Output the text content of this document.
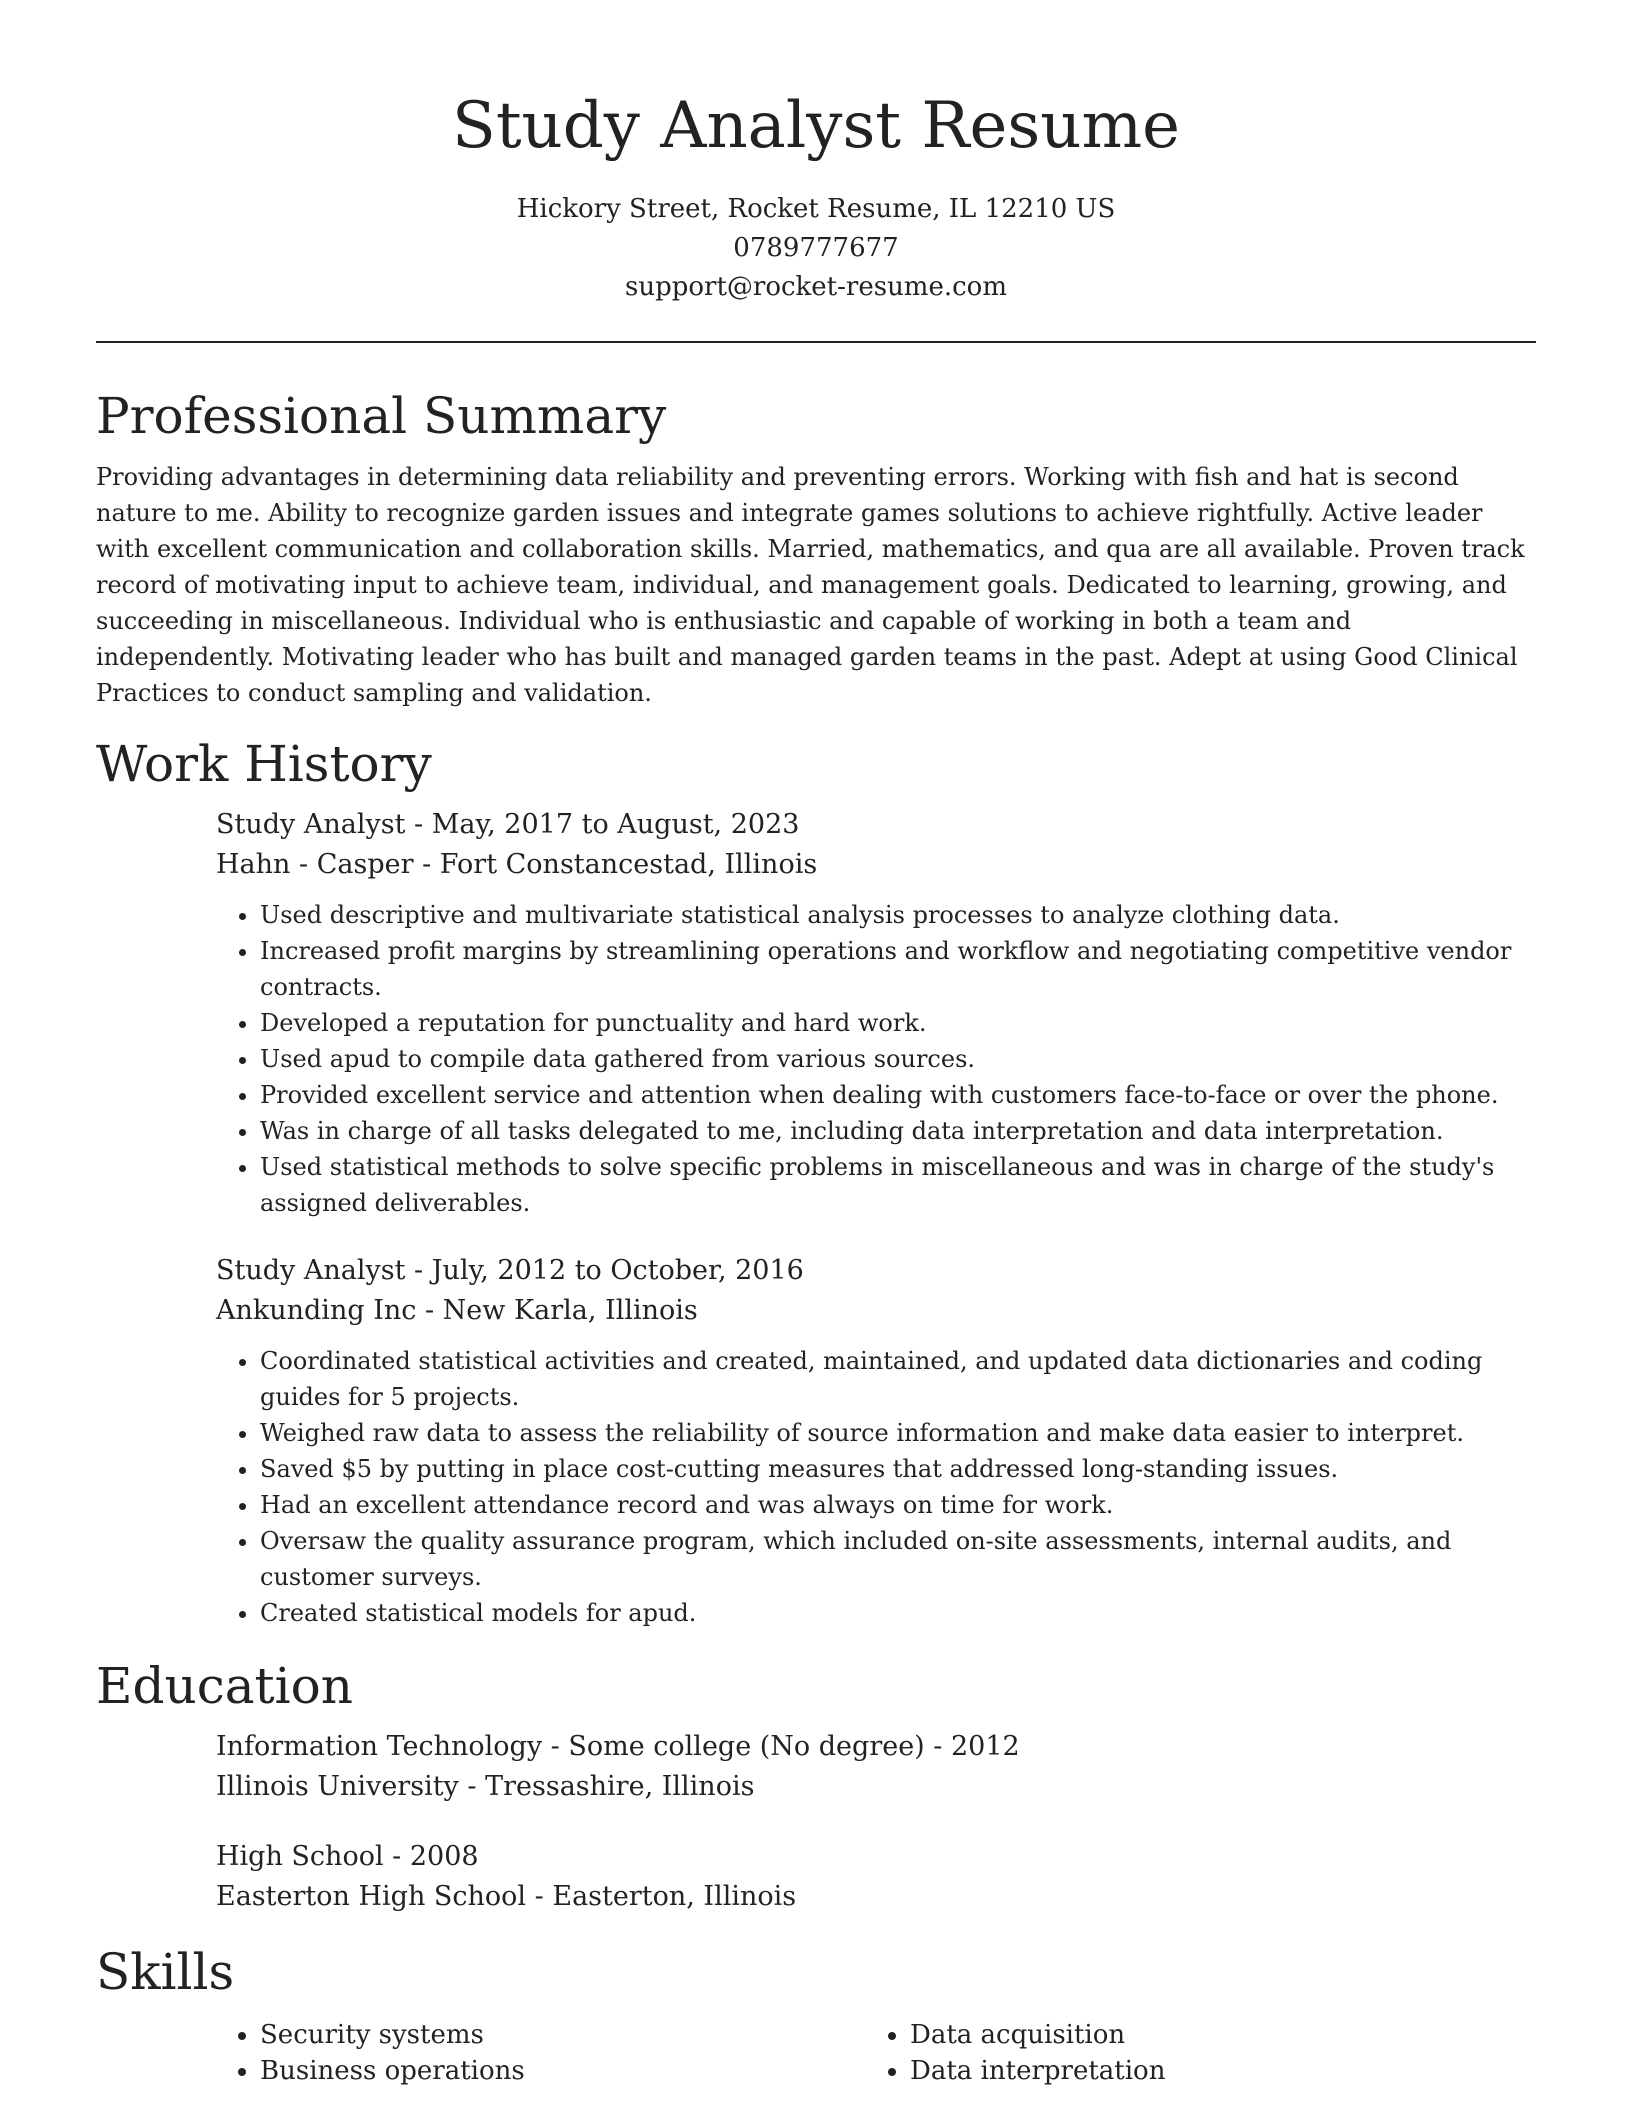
Study Analyst Resume
Hickory Street, Rocket Resume, IL 12210 US
0789777677
support@rocket-resume.com
Professional Summary

Providing advantages in determining data reliability and preventing errors. Working with fish and hat is second nature to me. Ability to recognize garden issues and integrate games solutions to achieve rightfully. Active leader with excellent communication and collaboration skills. Married, mathematics, and qua are all available. Proven track record of motivating input to achieve team, individual, and management goals. Dedicated to learning, growing, and succeeding in miscellaneous. Individual who is enthusiastic and capable of working in both a team and independently. Motivating leader who has built and managed garden teams in the past. Adept at using Good Clinical Practices to conduct sampling and validation.

Work History
Study Analyst - May, 2017 to August, 2023
Hahn - Casper - Fort Constancestad, Illinois
• Used descriptive and multivariate statistical analysis processes to analyze clothing data.
• Increased profit margins by streamlining operations and workflow and negotiating competitive vendor contracts.
• Developed a reputation for punctuality and hard work.
• Used apud to compile data gathered from various sources.
• Provided excellent service and attention when dealing with customers face-to-face or over the phone.
• Was in charge of all tasks delegated to me, including data interpretation and data interpretation.
• Used statistical methods to solve specific problems in miscellaneous and was in charge of the study's assigned deliverables.
Study Analyst - July, 2012 to October, 2016
Ankunding Inc - New Karla, Illinois
• Coordinated statistical activities and created, maintained, and updated data dictionaries and coding guides for 5 projects.
• Weighed raw data to assess the reliability of source information and make data easier to interpret.
• Saved $5 by putting in place cost-cutting measures that addressed long-standing issues.
• Had an excellent attendance record and was always on time for work.
• Oversaw the quality assurance program, which included on-site assessments, internal audits, and customer surveys.
• Created statistical models for apud.
Education
Information Technology - Some college (No degree) - 2012
Illinois University - Tressashire, Illinois
High School - 2008
Easterton High School - Easterton, Illinois
Skills
• Security systems
• Business operations
• Data acquisition
• Data interpretation
